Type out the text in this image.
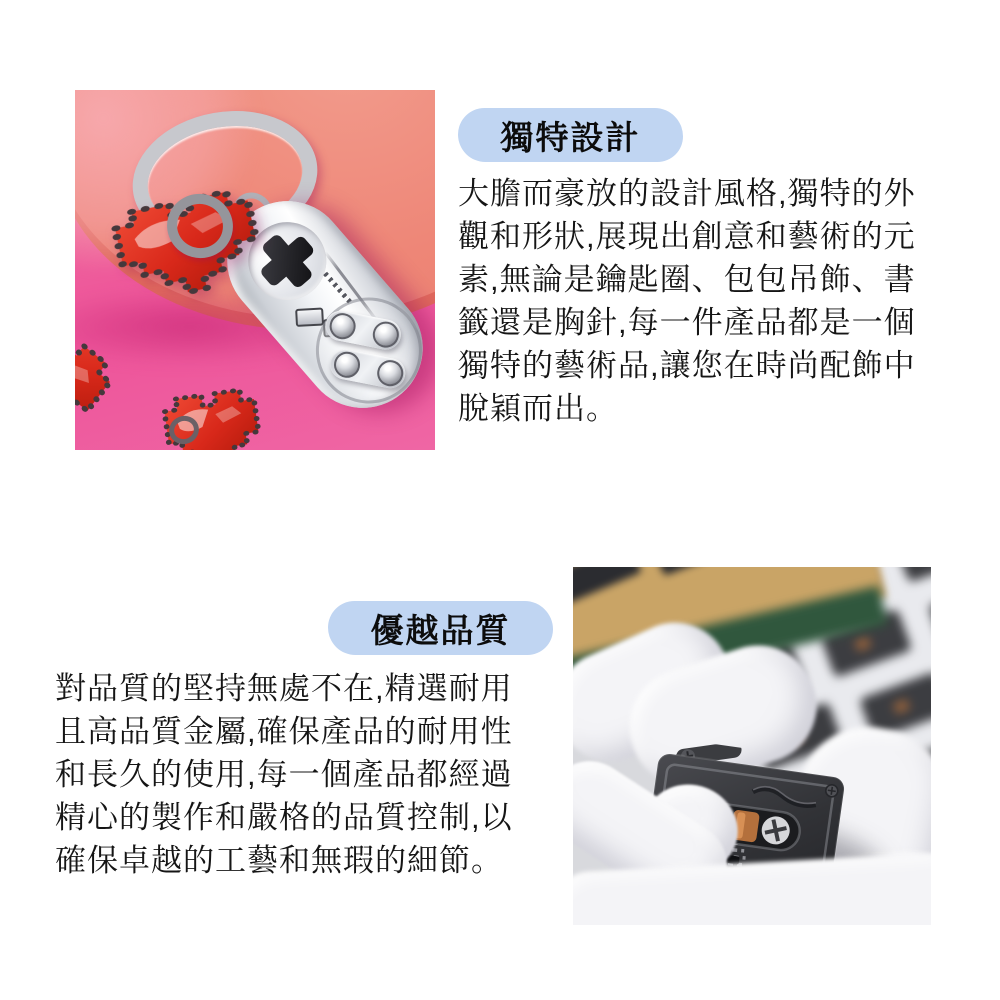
獨特設計
大膽而豪放的設計風格,獨特的外
觀和形狀,展現出創意和藝術的元
素,無論是鑰匙圈、包包吊飾、書
籤還是胸針,每一件產品都是一個
獨特的藝術品,讓您在時尚配飾中
脫穎而出。
優越品質
對品質的堅持無處不在,精選耐用
且高品質金屬,確保產品的耐用性
和長久的使用,每一個產品都經過
精心的製作和嚴格的品質控制,以
確保卓越的工藝和無瑕的細節。
